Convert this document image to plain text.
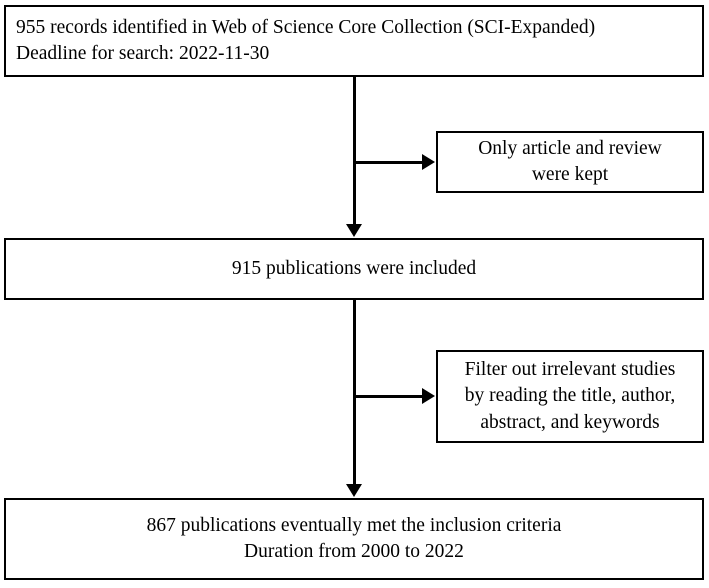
955 records identified in Web of Science Core Collection (SCI-Expanded)
Deadline for search: 2022-11-30
Only article and review
were kept
915 publications were included
Filter out irrelevant studies
by reading the title, author,
abstract, and keywords
867 publications eventually met the inclusion criteria
Duration from 2000 to 2022
